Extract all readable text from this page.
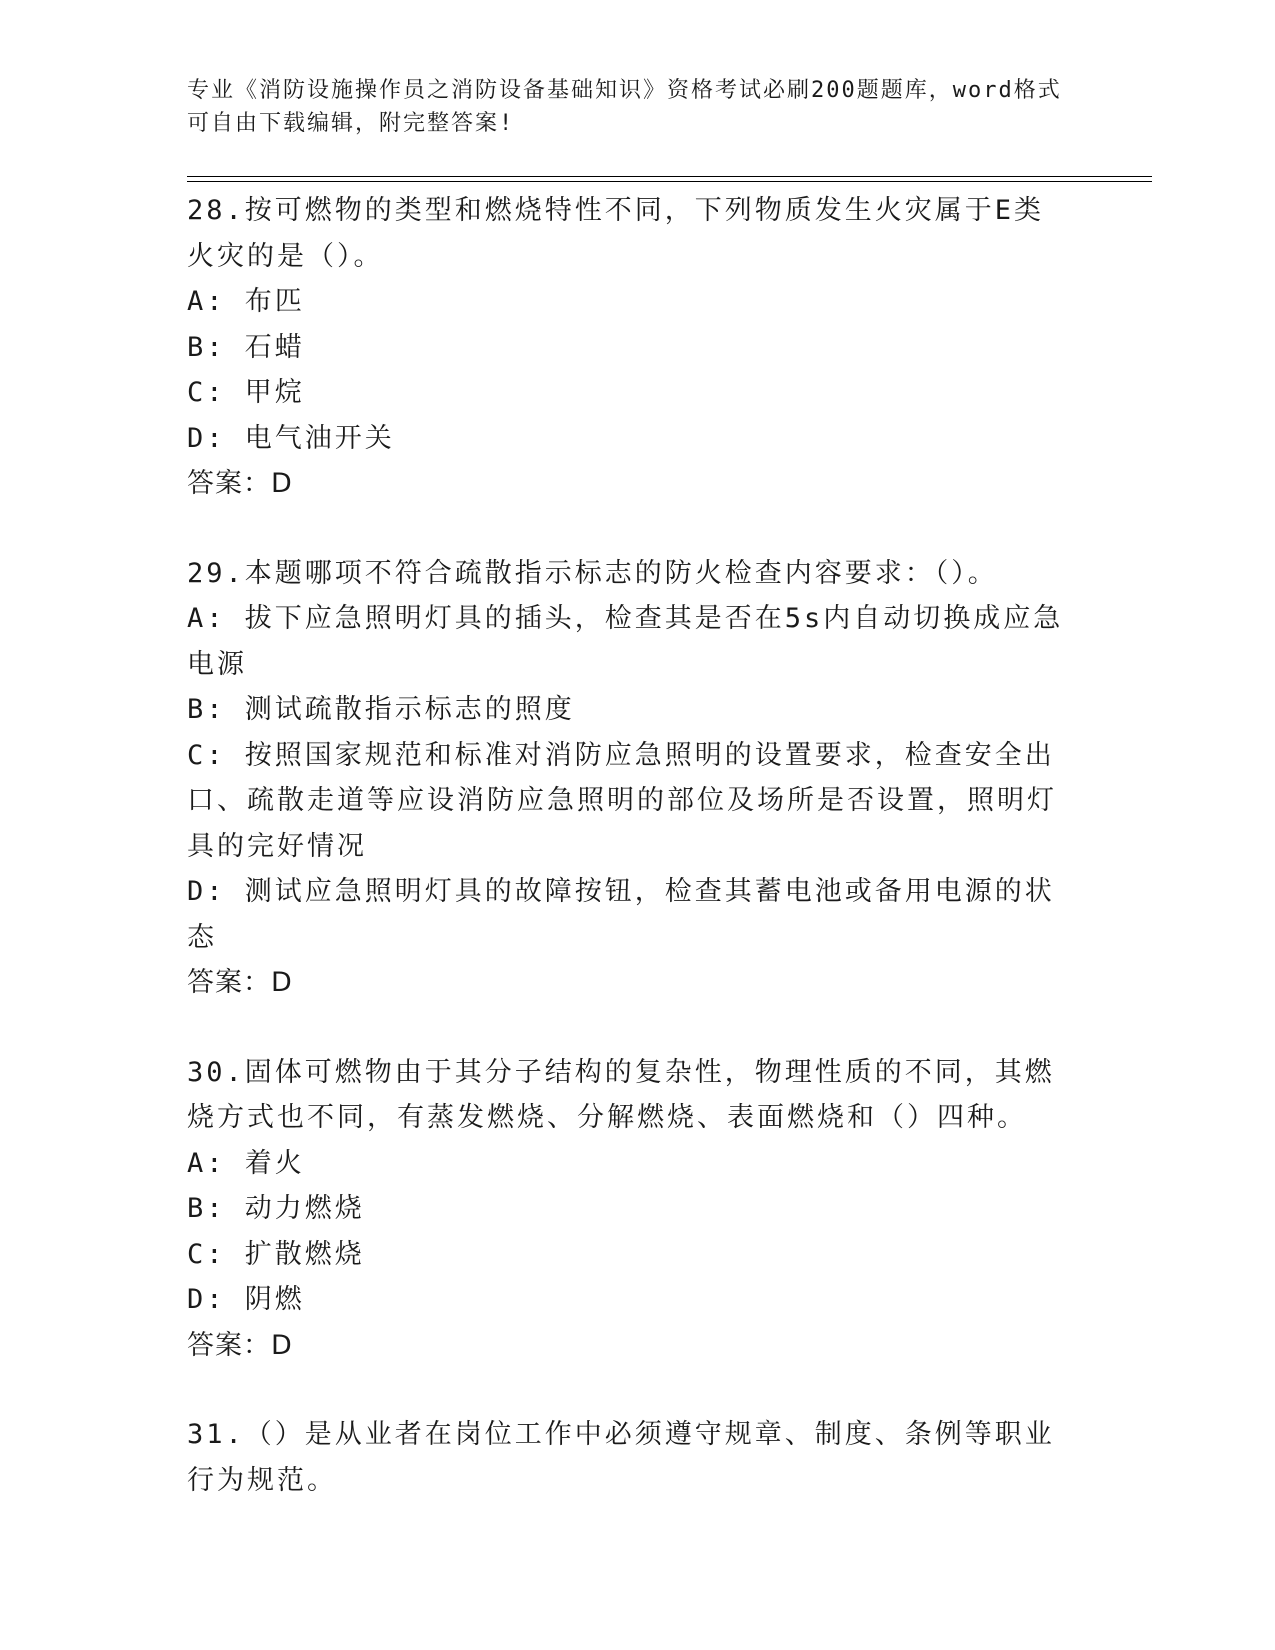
专业《消防设施操作员之消防设备基础知识》资格考试必刷200题题库，word格式可自由下载编辑，附完整答案!
28.按可燃物的类型和燃烧特性不同，下列物质发生火灾属于E类火灾的是（）。
A: 布匹
B: 石蜡
C: 甲烷
D: 电气油开关
答案：D
29.本题哪项不符合疏散指示标志的防火检查内容要求：（）。
A: 拔下应急照明灯具的插头，检查其是否在5s内自动切换成应急电源
B: 测试疏散指示标志的照度
C: 按照国家规范和标准对消防应急照明的设置要求，检查安全出口、疏散走道等应设消防应急照明的部位及场所是否设置，照明灯具的完好情况
D: 测试应急照明灯具的故障按钮，检查其蓄电池或备用电源的状态
答案：D
30.固体可燃物由于其分子结构的复杂性，物理性质的不同，其燃烧方式也不同，有蒸发燃烧、分解燃烧、表面燃烧和（）四种。
A: 着火
B: 动力燃烧
C: 扩散燃烧
D: 阴燃
答案：D
31.（）是从业者在岗位工作中必须遵守规章、制度、条例等职业行为规范。
